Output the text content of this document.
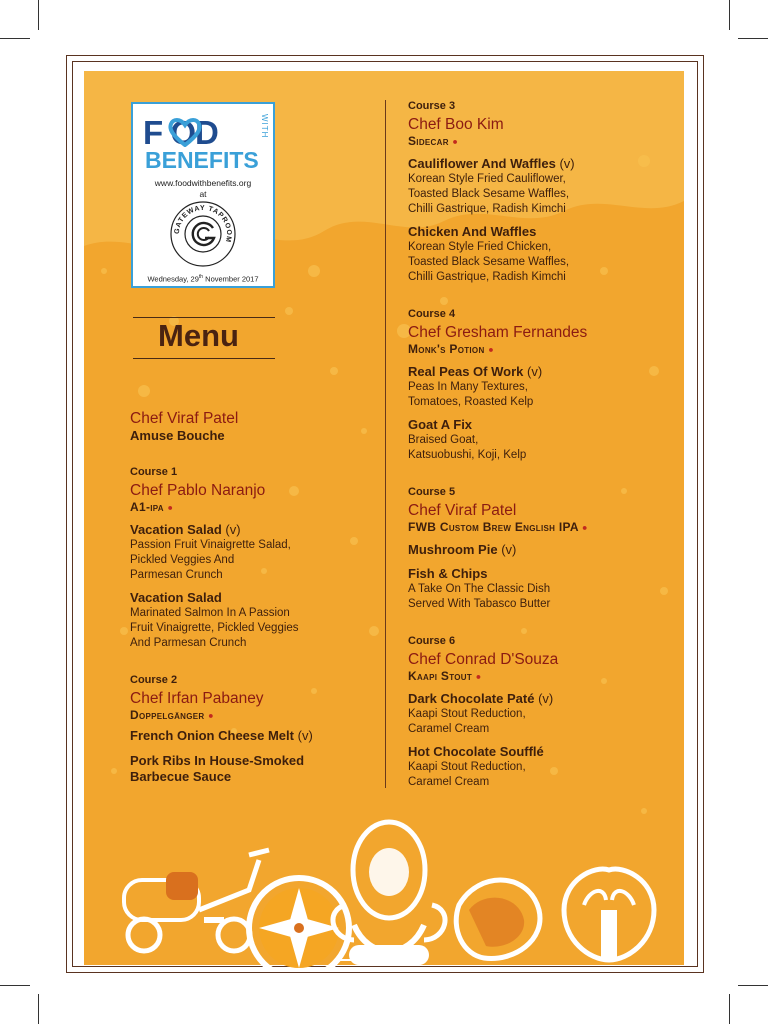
F OD	WITH
BENEFITS
www.foodwithbenefits.org
at
GATEWAY TAPROOM
Wednesday, 29th November 2017
Menu
Chef Viraf Patel
Amuse Bouche
Course 1
Chef Pablo Naranjo
A1-ipa ●
Vacation Salad (v)
Passion Fruit Vinaigrette Salad,
Pickled Veggies And
Parmesan Crunch
Vacation Salad
Marinated Salmon In A Passion
Fruit Vinaigrette, Pickled Veggies
And Parmesan Crunch
Course 2
Chef Irfan Pabaney
Doppelgänger ●
French Onion Cheese Melt (v)
Pork Ribs In House-Smoked
Barbecue Sauce
Course 3
Chef Boo Kim
Sidecar ●
Cauliflower And Waffles (v)
Korean Style Fried Cauliflower,
Toasted Black Sesame Waffles,
Chilli Gastrique, Radish Kimchi
Chicken And Waffles
Korean Style Fried Chicken,
Toasted Black Sesame Waffles,
Chilli Gastrique, Radish Kimchi
Course 4
Chef Gresham Fernandes
Monk's Potion ●
Real Peas Of Work (v)
Peas In Many Textures,
Tomatoes, Roasted Kelp
Goat A Fix
Braised Goat,
Katsuobushi, Koji, Kelp
Course 5
Chef Viraf Patel
FWB Custom Brew English IPA ●
Mushroom Pie (v)
Fish & Chips
A Take On The Classic Dish
Served With Tabasco Butter
Course 6
Chef Conrad D'Souza
Kaapi Stout ●
Dark Chocolate Paté (v)
Kaapi Stout Reduction,
Caramel Cream
Hot Chocolate Soufflé
Kaapi Stout Reduction,
Caramel Cream
